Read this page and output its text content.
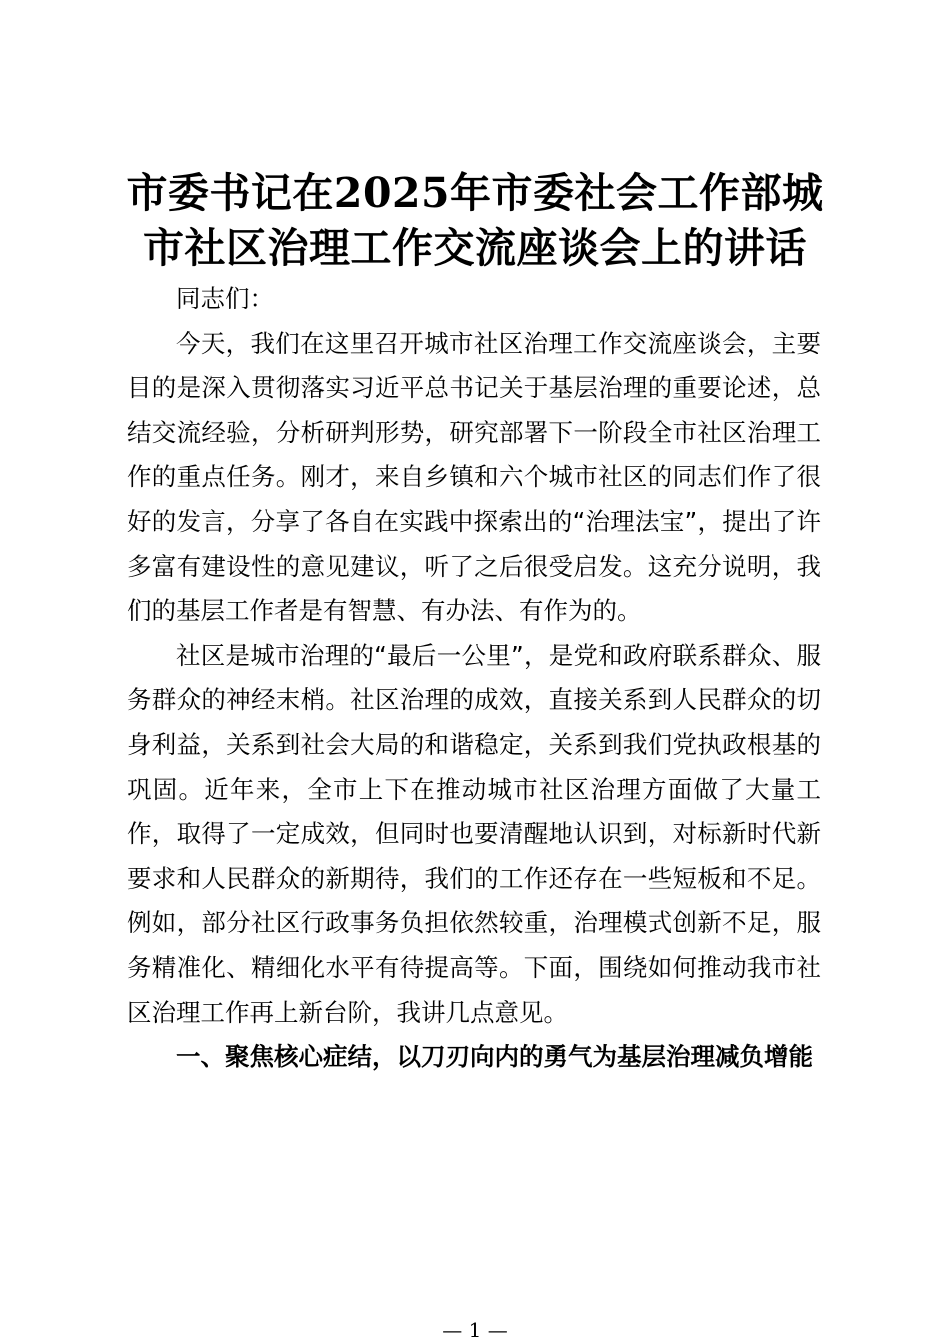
市委书记在2025年市委社会工作部城
市社区治理工作交流座谈会上的讲话

同志们：

今天，我们在这里召开城市社区治理工作交流座谈会，主要目的是深入贯彻落实习近平总书记关于基层治理的重要论述，总结交流经验，分析研判形势，研究部署下一阶段全市社区治理工作的重点任务。刚才，来自乡镇和六个城市社区的同志们作了很好的发言，分享了各自在实践中探索出的“治理法宝”，提出了许多富有建设性的意见建议，听了之后很受启发。这充分说明，我们的基层工作者是有智慧、有办法、有作为的。

社区是城市治理的“最后一公里”，是党和政府联系群众、服务群众的神经末梢。社区治理的成效，直接关系到人民群众的切身利益，关系到社会大局的和谐稳定，关系到我们党执政根基的巩固。近年来，全市上下在推动城市社区治理方面做了大量工作，取得了一定成效，但同时也要清醒地认识到，对标新时代新要求和人民群众的新期待，我们的工作还存在一些短板和不足。例如，部分社区行政事务负担依然较重，治理模式创新不足，服务精准化、精细化水平有待提高等。下面，围绕如何推动我市社区治理工作再上新台阶，我讲几点意见。

一、聚焦核心症结，以刀刃向内的勇气为基层治理减负增能

— 1 —
